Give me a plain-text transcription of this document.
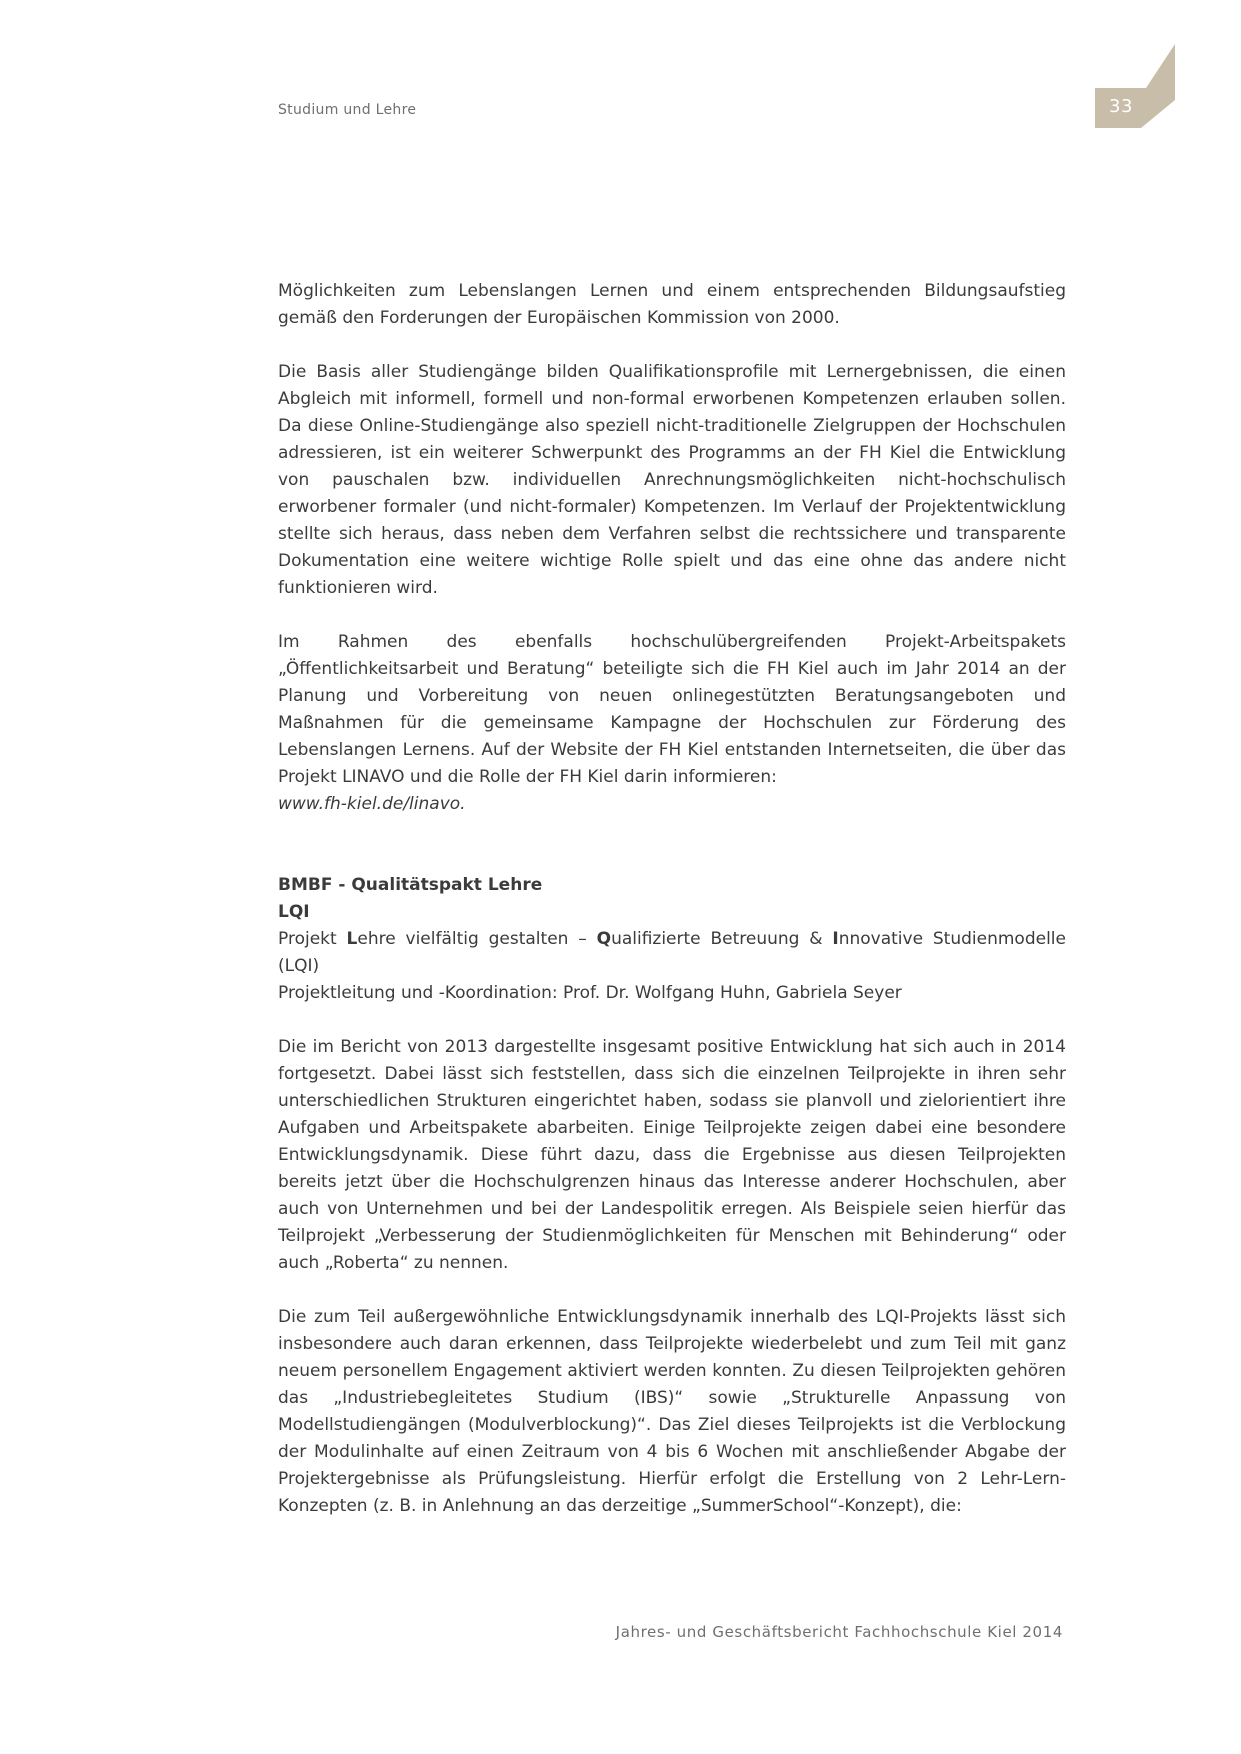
Studium und Lehre	33

Möglichkeiten zum Lebenslangen Lernen und einem entsprechenden Bildungsaufstieg gemäß den Forderungen der Europäischen Kommission von 2000.

Die Basis aller Studiengänge bilden Qualifikationsprofile mit Lernergebnissen, die einen Abgleich mit informell, formell und non-formal erworbenen Kompetenzen erlauben sollen. Da diese Online-Studiengänge also speziell nicht-traditionelle Zielgruppen der Hochschulen adressieren, ist ein weiterer Schwerpunkt des Programms an der FH Kiel die Entwicklung von pauschalen bzw. individuellen Anrechnungsmöglichkeiten nicht-hochschulisch erworbener formaler (und nicht-formaler) Kompetenzen. Im Verlauf der Projektentwicklung stellte sich heraus, dass neben dem Verfahren selbst die rechtssichere und transparente Dokumentation eine weitere wichtige Rolle spielt und das eine ohne das andere nicht funktionieren wird.

Im Rahmen des ebenfalls hochschulübergreifenden Projekt-Arbeitspakets „Öffentlichkeitsarbeit und Beratung“ beteiligte sich die FH Kiel auch im Jahr 2014 an der Planung und Vorbereitung von neuen onlinegestützten Beratungsangeboten und Maßnahmen für die gemeinsame Kampagne der Hochschulen zur Förderung des Lebenslangen Lernens. Auf der Website der FH Kiel entstanden Internetseiten, die über das Projekt LINAVO und die Rolle der FH Kiel darin informieren:
www.fh-kiel.de/linavo.

BMBF - Qualitätspakt Lehre
LQI
Projekt Lehre vielfältig gestalten – Qualifizierte Betreuung & Innovative Studienmodelle (LQI)
Projektleitung und -Koordination: Prof. Dr. Wolfgang Huhn, Gabriela Seyer

Die im Bericht von 2013 dargestellte insgesamt positive Entwicklung hat sich auch in 2014 fortgesetzt. Dabei lässt sich feststellen, dass sich die einzelnen Teilprojekte in ihren sehr unterschiedlichen Strukturen eingerichtet haben, sodass sie planvoll und zielorientiert ihre Aufgaben und Arbeitspakete abarbeiten. Einige Teilprojekte zeigen dabei eine besondere Entwicklungsdynamik. Diese führt dazu, dass die Ergebnisse aus diesen Teilprojekten bereits jetzt über die Hochschulgrenzen hinaus das Interesse anderer Hochschulen, aber auch von Unternehmen und bei der Landespolitik erregen. Als Beispiele seien hierfür das Teilprojekt „Verbesserung der Studienmöglichkeiten für Menschen mit Behinderung“ oder auch „Roberta“ zu nennen.

Die zum Teil außergewöhnliche Entwicklungsdynamik innerhalb des LQI-Projekts lässt sich insbesondere auch daran erkennen, dass Teilprojekte wiederbelebt und zum Teil mit ganz neuem personellem Engagement aktiviert werden konnten. Zu diesen Teilprojekten gehören das „Industriebegleitetes Studium (IBS)“ sowie „Strukturelle Anpassung von Modellstudiengängen (Modulverblockung)“. Das Ziel dieses Teilprojekts ist die Verblockung der Modulinhalte auf einen Zeitraum von 4 bis 6 Wochen mit anschließender Abgabe der Projektergebnisse als Prüfungsleistung. Hierfür erfolgt die Erstellung von 2 Lehr-Lern-Konzepten (z. B. in Anlehnung an das derzeitige „SummerSchool“-Konzept), die:

Jahres- und Geschäftsbericht Fachhochschule Kiel 2014
